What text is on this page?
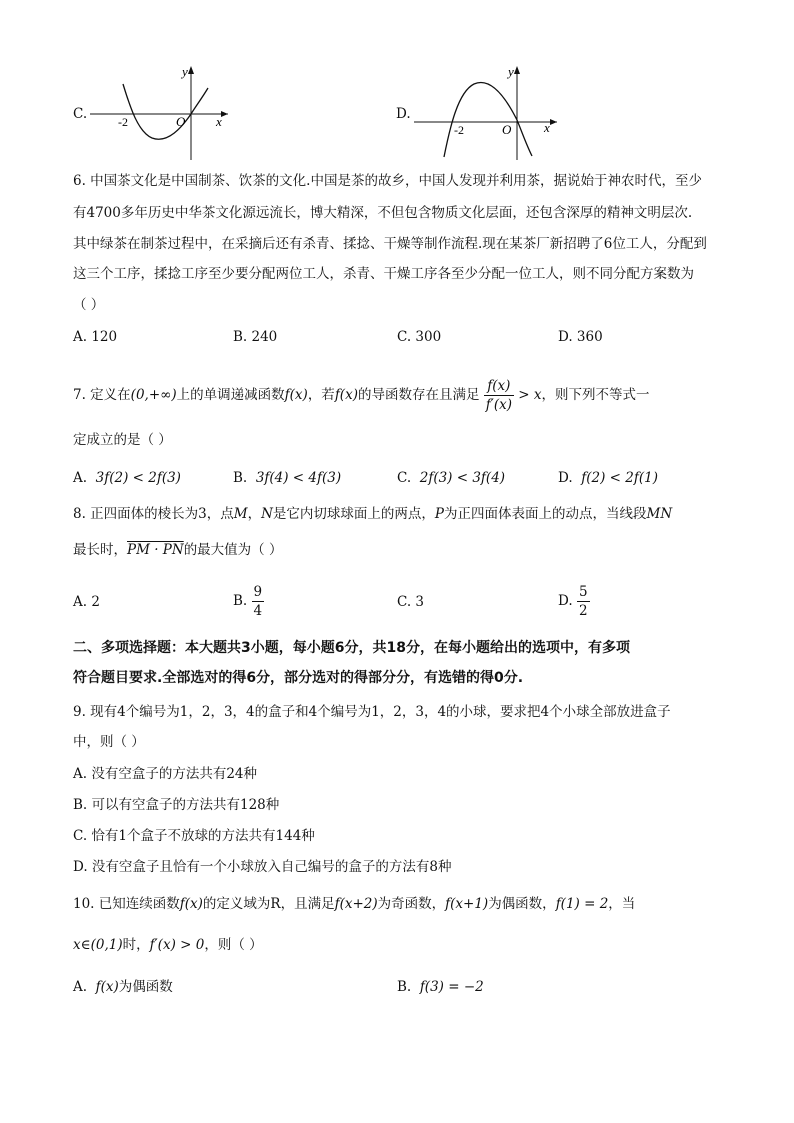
C.
y
x
O
-2	D.
y
x
O
-2
6. 中国茶文化是中国制茶、饮茶的文化.中国是茶的故乡，中国人发现并利用茶，据说始于神农时代，至少
有4700多年历史中华茶文化源远流长，博大精深，不但包含物质文化层面，还包含深厚的精神文明层次.
其中绿茶在制茶过程中，在采摘后还有杀青、揉捻、干燥等制作流程.现在某茶厂新招聘了6位工人，分配到
这三个工序，揉捻工序至少要分配两位工人，杀青、干燥工序各至少分配一位工人，则不同分配方案数为
（ ）
A. 120	B. 240	C. 300	D. 360
7. 定义在(0,+∞)上的单调递减函数f(x)，若f(x)的导函数存在且满足 $\frac{f(x)}{f'(x)} > x$，则下列不等式一
定成立的是（ ）
A. 3f(2) < 2f(3)	B. 3f(4) < 4f(3)	C. 2f(3) < 3f(4)	D. f(2) < 2f(1)
8. 正四面体的棱长为3，点M，N是它内切球球面上的两点，P为正四面体表面上的动点，当线段MN
最长时，PM · PN的最大值为（ ）
A. 2	B. $\frac{9}{4}$	C. 3	D. $\frac{5}{2}$
二、多项选择题：本大题共3小题，每小题6分，共18分，在每小题给出的选项中，有多项
符合题目要求.全部选对的得6分，部分选对的得部分分，有选错的得0分.
9. 现有4个编号为1，2，3，4的盒子和4个编号为1，2，3，4的小球，要求把4个小球全部放进盒子
中，则（ ）
A. 没有空盒子的方法共有24种
B. 可以有空盒子的方法共有128种
C. 恰有1个盒子不放球的方法共有144种
D. 没有空盒子且恰有一个小球放入自己编号的盒子的方法有8种
10. 已知连续函数f(x)的定义域为R，且满足f(x+2)为奇函数，f(x+1)为偶函数，f(1) = 2，当
x∈(0,1)时，f′(x) > 0，则（ ）
A. f(x)为偶函数	B. f(3) = −2
